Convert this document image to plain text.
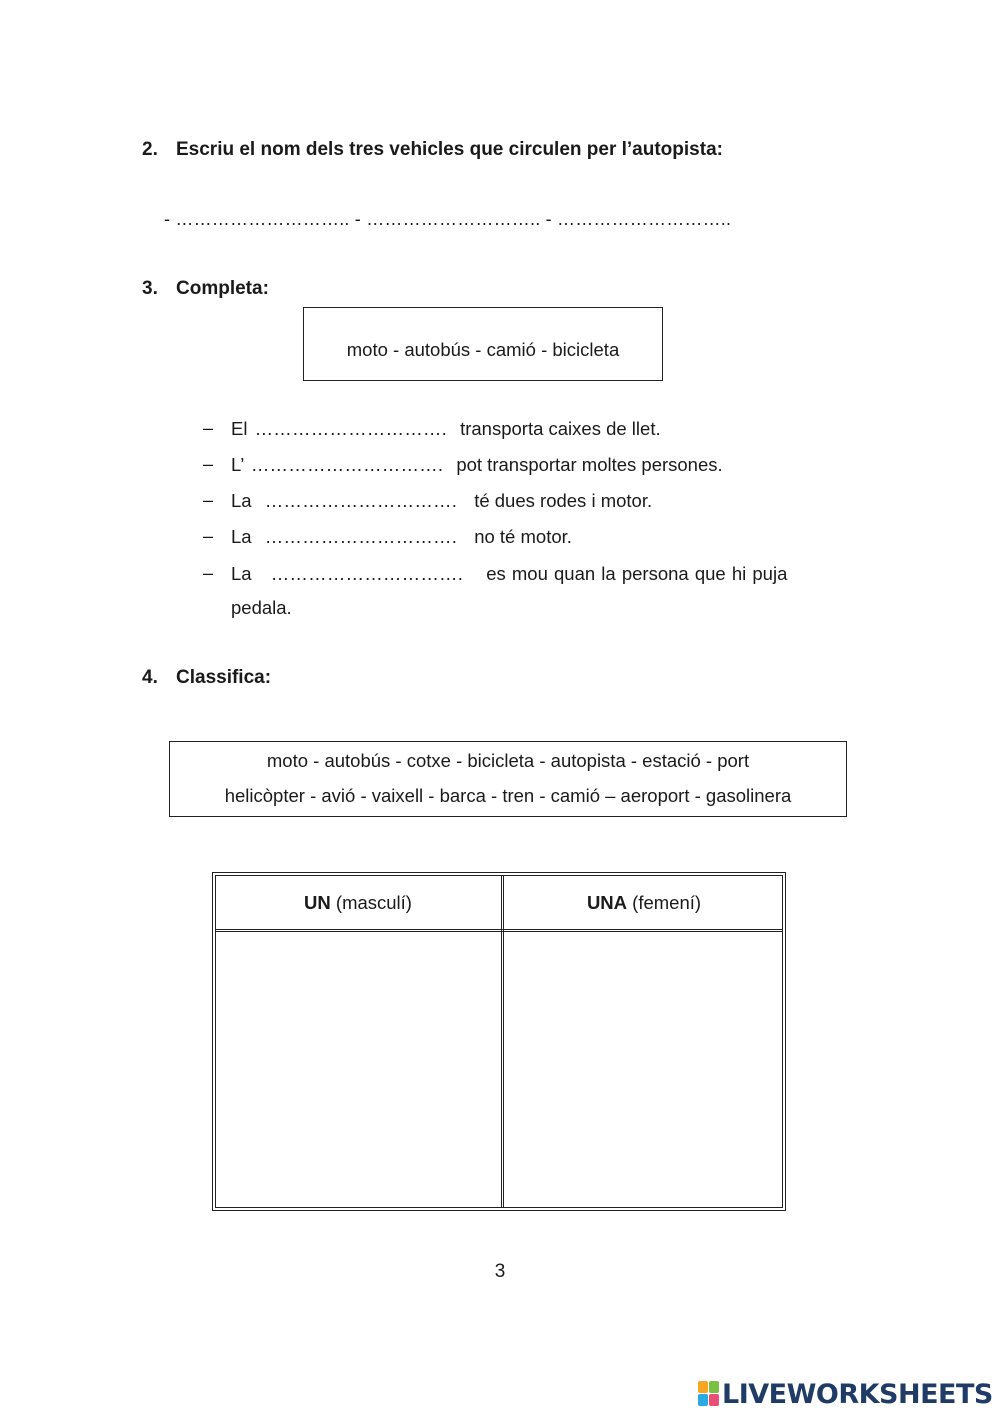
2. Escriu el nom dels tres vehicles que circulen per l’autopista:
- ……………………….. - ……………………….. - ………………………..
3. Completa:
moto - autobús - camió - bicicleta
– El …………………………. transporta caixes de llet.
– L’ …………………………. pot transportar moltes persones.
– La …………………………. té dues rodes i motor.
– La …………………………. no té motor.
– La …………………………. es mou quan la persona que hi puja
pedala.
4. Classifica:
moto - autobús - cotxe - bicicleta - autopista - estació - port
helicòpter - avió - vaixell - barca - tren - camió – aeroport - gasolinera
UN (masculí)	UNA (femení)
3
LIVEWORKSHEETS
